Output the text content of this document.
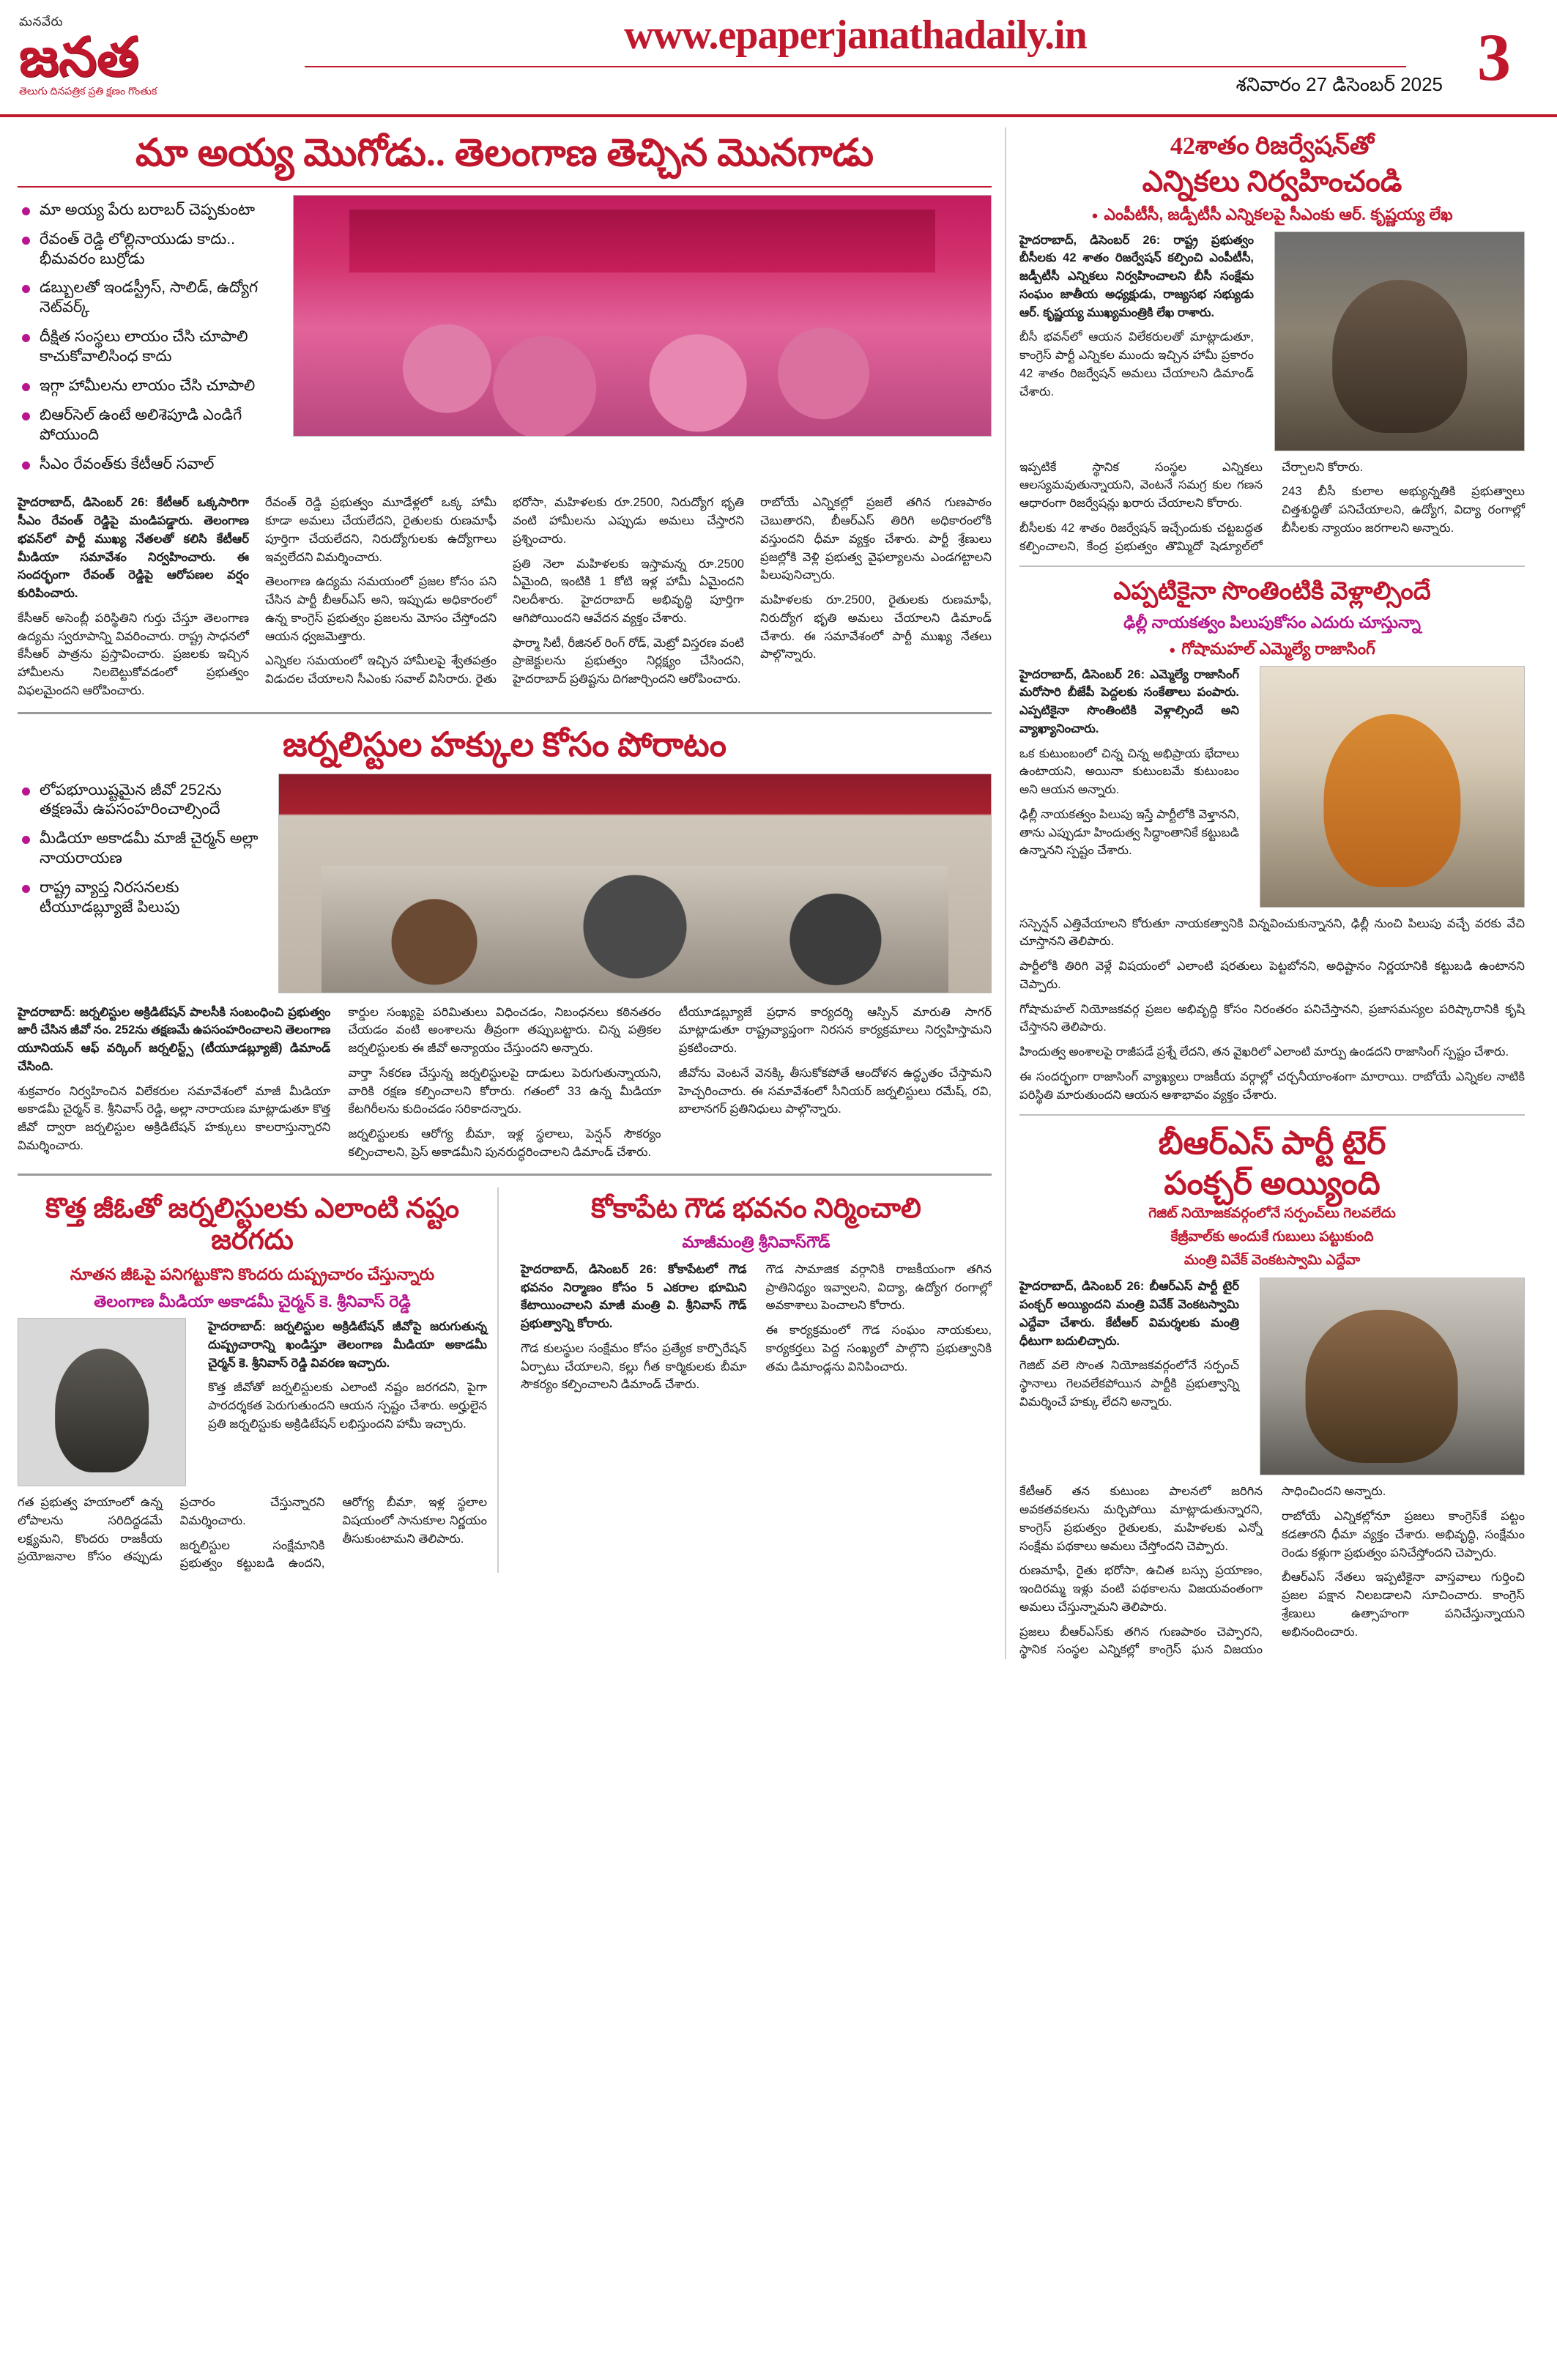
మనవేరు
జనత
తెలుగు దినపత్రిక ప్రతి క్షణం గొంతుక
www.epaperjanathadaily.in
శనివారం 27 డిసెంబర్ 2025 3
మా అయ్య మొగోడు.. తెలంగాణ తెచ్చిన మొనగాడు
మా అయ్య పేరు బరాబర్ చెప్పకుంటా
రేవంత్ రెడ్డి లోల్లినాయుడు కాదు.. భీమవరం బుర్రోడు
డబ్బులతో ఇండస్ట్రీస్, సాలిడ్, ఉద్యోగ నెట్‌వర్క్
దీక్షిత సంస్థలు లాయం చేసి చూపాలి కాచుకోవాలిసింధ కాదు
ఇగ్గా హామీలను లాయం చేసి చూపాలి
బిఆర్‌సెల్ ఉంటే అలిశెపూడి ఎండిగే పోయుంది
సీఎం రేవంత్‌కు కేటీఆర్ సవాల్

హైదరాబాద్, డిసెంబర్ 26: కేటీఆర్ ఒక్కసారిగా సీఎం రేవంత్ రెడ్డిపై మండిపడ్డారు. తెలంగాణ భవన్‌లో పార్టీ ముఖ్య నేతలతో కలిసి కేటీఆర్ మీడియా సమావేశం నిర్వహించారు. ఈ సందర్భంగా రేవంత్ రెడ్డిపై ఆరోపణల వర్షం కురిపించారు.

కేసీఆర్ అసెంబ్లీ పరిస్థితిని గుర్తు చేస్తూ తెలంగాణ ఉద్యమ స్వరూపాన్ని వివరించారు. రాష్ట్ర సాధనలో కేసీఆర్ పాత్రను ప్రస్తావించారు. ప్రజలకు ఇచ్చిన హామీలను నిలబెట్టుకోవడంలో ప్రభుత్వం విఫలమైందని ఆరోపించారు.

రేవంత్ రెడ్డి ప్రభుత్వం మూడేళ్లలో ఒక్క హామీ కూడా అమలు చేయలేదని, రైతులకు రుణమాఫీ పూర్తిగా చేయలేదని, నిరుద్యోగులకు ఉద్యోగాలు ఇవ్వలేదని విమర్శించారు.

తెలంగాణ ఉద్యమ సమయంలో ప్రజల కోసం పని చేసిన పార్టీ బీఆర్ఎస్ అని, ఇప్పుడు అధికారంలో ఉన్న కాంగ్రెస్ ప్రభుత్వం ప్రజలను మోసం చేస్తోందని ఆయన ధ్వజమెత్తారు.

ఎన్నికల సమయంలో ఇచ్చిన హామీలపై శ్వేతపత్రం విడుదల చేయాలని సీఎంకు సవాల్ విసిరారు. రైతు భరోసా, మహిళలకు రూ.2500, నిరుద్యోగ భృతి వంటి హామీలను ఎప్పుడు అమలు చేస్తారని ప్రశ్నించారు.

ప్రతి నెలా మహిళలకు ఇస్తామన్న రూ.2500 ఏమైంది, ఇంటికి 1 కోటి ఇళ్ల హామీ ఏమైందని నిలదీశారు. హైదరాబాద్ అభివృద్ధి పూర్తిగా ఆగిపోయిందని ఆవేదన వ్యక్తం చేశారు.

ఫార్మా సిటీ, రీజినల్ రింగ్ రోడ్, మెట్రో విస్తరణ వంటి ప్రాజెక్టులను ప్రభుత్వం నిర్లక్ష్యం చేసిందని, హైదరాబాద్ ప్రతిష్టను దిగజార్చిందని ఆరోపించారు.

రాబోయే ఎన్నికల్లో ప్రజలే తగిన గుణపాఠం చెబుతారని, బీఆర్ఎస్ తిరిగి అధికారంలోకి వస్తుందని ధీమా వ్యక్తం చేశారు. పార్టీ శ్రేణులు ప్రజల్లోకి వెళ్లి ప్రభుత్వ వైఫల్యాలను ఎండగట్టాలని పిలుపునిచ్చారు.

మహిళలకు రూ.2500, రైతులకు రుణమాఫీ, నిరుద్యోగ భృతి అమలు చేయాలని డిమాండ్ చేశారు. ఈ సమావేశంలో పార్టీ ముఖ్య నేతలు పాల్గొన్నారు.

జర్నలిస్టుల హక్కుల కోసం పోరాటం
లోపభూయిష్టమైన జీవో 252ను తక్షణమే ఉపసంహరించాల్సిందే
మీడియా అకాడమీ మాజీ చైర్మన్ అల్లా నాయరాయణ
రాష్ట్ర వ్యాప్త నిరసనలకు టీయూడబ్ల్యూజే పిలుపు

హైదరాబాద్: జర్నలిస్టుల అక్రిడిటేషన్ పాలసీకి సంబంధించి ప్రభుత్వం జారీ చేసిన జీవో నం. 252ను తక్షణమే ఉపసంహరించాలని తెలంగాణ యూనియన్ ఆఫ్ వర్కింగ్ జర్నలిస్ట్స్ (టీయూడబ్ల్యూజే) డిమాండ్ చేసింది.

శుక్రవారం నిర్వహించిన విలేకరుల సమావేశంలో మాజీ మీడియా అకాడమీ చైర్మన్ కె. శ్రీనివాస్ రెడ్డి, అల్లా నారాయణ మాట్లాడుతూ కొత్త జీవో ద్వారా జర్నలిస్టుల అక్రిడిటేషన్ హక్కులు కాలరాస్తున్నారని విమర్శించారు.

కార్డుల సంఖ్యపై పరిమితులు విధించడం, నిబంధనలు కఠినతరం చేయడం వంటి అంశాలను తీవ్రంగా తప్పుబట్టారు. చిన్న పత్రికల జర్నలిస్టులకు ఈ జీవో అన్యాయం చేస్తుందని అన్నారు.

వార్తా సేకరణ చేస్తున్న జర్నలిస్టులపై దాడులు పెరుగుతున్నాయని, వారికి రక్షణ కల్పించాలని కోరారు. గతంలో 33 ఉన్న మీడియా కేటగిరీలను కుదించడం సరికాదన్నారు.

జర్నలిస్టులకు ఆరోగ్య బీమా, ఇళ్ల స్థలాలు, పెన్షన్ సౌకర్యం కల్పించాలని, ప్రెస్ అకాడమీని పునరుద్ధరించాలని డిమాండ్ చేశారు.

టీయూడబ్ల్యూజే ప్రధాన కార్యదర్శి ఆస్పిన్ మారుతి సాగర్ మాట్లాడుతూ రాష్ట్రవ్యాప్తంగా నిరసన కార్యక్రమాలు నిర్వహిస్తామని ప్రకటించారు.

జీవోను వెంటనే వెనక్కి తీసుకోకపోతే ఆందోళన ఉద్ధృతం చేస్తామని హెచ్చరించారు. ఈ సమావేశంలో సీనియర్ జర్నలిస్టులు రమేష్, రవి, బాలానగర్ ప్రతినిధులు పాల్గొన్నారు.

కొత్త జీఓతో జర్నలిస్టులకు ఎలాంటి నష్టం జరగదు
నూతన జీఓపై పనిగట్టుకొని కొందరు దుష్ప్రచారం చేస్తున్నారు
తెలంగాణ మీడియా అకాడమీ చైర్మన్ కె. శ్రీనివాస్ రెడ్డి

హైదరాబాద్: జర్నలిస్టుల అక్రిడిటేషన్ జీవోపై జరుగుతున్న దుష్ప్రచారాన్ని ఖండిస్తూ తెలంగాణ మీడియా అకాడమీ చైర్మన్ కె. శ్రీనివాస్ రెడ్డి వివరణ ఇచ్చారు.

కొత్త జీవోతో జర్నలిస్టులకు ఎలాంటి నష్టం జరగదని, పైగా పారదర్శకత పెరుగుతుందని ఆయన స్పష్టం చేశారు. అర్హులైన ప్రతి జర్నలిస్టుకు అక్రిడిటేషన్ లభిస్తుందని హామీ ఇచ్చారు.

గత ప్రభుత్వ హయాంలో ఉన్న లోపాలను సరిదిద్దడమే లక్ష్యమని, కొందరు రాజకీయ ప్రయోజనాల కోసం తప్పుడు ప్రచారం చేస్తున్నారని విమర్శించారు.

జర్నలిస్టుల సంక్షేమానికి ప్రభుత్వం కట్టుబడి ఉందని, ఆరోగ్య బీమా, ఇళ్ల స్థలాల విషయంలో సానుకూల నిర్ణయం తీసుకుంటామని తెలిపారు.

కోకాపేట గౌడ భవనం నిర్మించాలి
మాజీమంత్రి శ్రీనివాస్‌గౌడ్

హైదరాబాద్, డిసెంబర్ 26: కోకాపేటలో గౌడ భవనం నిర్మాణం కోసం 5 ఎకరాల భూమిని కేటాయించాలని మాజీ మంత్రి వి. శ్రీనివాస్ గౌడ్ ప్రభుత్వాన్ని కోరారు.

గౌడ కులస్థుల సంక్షేమం కోసం ప్రత్యేక కార్పొరేషన్ ఏర్పాటు చేయాలని, కల్లు గీత కార్మికులకు బీమా సౌకర్యం కల్పించాలని డిమాండ్ చేశారు.

గౌడ సామాజిక వర్గానికి రాజకీయంగా తగిన ప్రాతినిధ్యం ఇవ్వాలని, విద్యా, ఉద్యోగ రంగాల్లో అవకాశాలు పెంచాలని కోరారు.

ఈ కార్యక్రమంలో గౌడ సంఘం నాయకులు, కార్యకర్తలు పెద్ద సంఖ్యలో పాల్గొని ప్రభుత్వానికి తమ డిమాండ్లను వినిపించారు.

42శాతం రిజర్వేషన్‌తో
ఎన్నికలు నిర్వహించండి
● ఎంపీటీసీ, జడ్పీటీసీ ఎన్నికలపై సీఎంకు ఆర్. కృష్ణయ్య లేఖ

హైదరాబాద్, డిసెంబర్ 26: రాష్ట్ర ప్రభుత్వం బీసీలకు 42 శాతం రిజర్వేషన్ కల్పించి ఎంపీటీసీ, జడ్పీటీసీ ఎన్నికలు నిర్వహించాలని బీసీ సంక్షేమ సంఘం జాతీయ అధ్యక్షుడు, రాజ్యసభ సభ్యుడు ఆర్. కృష్ణయ్య ముఖ్యమంత్రికి లేఖ రాశారు.

బీసీ భవన్‌లో ఆయన విలేకరులతో మాట్లాడుతూ, కాంగ్రెస్ పార్టీ ఎన్నికల ముందు ఇచ్చిన హామీ ప్రకారం 42 శాతం రిజర్వేషన్ అమలు చేయాలని డిమాండ్ చేశారు.

ఇప్పటికే స్థానిక సంస్థల ఎన్నికలు ఆలస్యమవుతున్నాయని, వెంటనే సమగ్ర కుల గణన ఆధారంగా రిజర్వేషన్లు ఖరారు చేయాలని కోరారు.

బీసీలకు 42 శాతం రిజర్వేషన్ ఇచ్చేందుకు చట్టబద్ధత కల్పించాలని, కేంద్ర ప్రభుత్వం తొమ్మిదో షెడ్యూల్‌లో చేర్చాలని కోరారు.

243 బీసీ కులాల అభ్యున్నతికి ప్రభుత్వాలు చిత్తశుద్ధితో పనిచేయాలని, ఉద్యోగ, విద్యా రంగాల్లో బీసీలకు న్యాయం జరగాలని అన్నారు.

ఎప్పటికైనా సొంతింటికి వెళ్లాల్సిందే
ఢిల్లీ నాయకత్వం పిలుపుకోసం ఎదురు చూస్తున్నా
● గోషామహల్ ఎమ్మెల్యే రాజాసింగ్

హైదరాబాద్, డిసెంబర్ 26: ఎమ్మెల్యే రాజాసింగ్ మరోసారి బీజేపీ పెద్దలకు సంకేతాలు పంపారు. ఎప్పటికైనా సొంతింటికి వెళ్లాల్సిందే అని వ్యాఖ్యానించారు.

ఒక కుటుంబంలో చిన్న చిన్న అభిప్రాయ భేదాలు ఉంటాయని, అయినా కుటుంబమే కుటుంబం అని ఆయన అన్నారు.

ఢిల్లీ నాయకత్వం పిలుపు ఇస్తే పార్టీలోకి వెళ్తానని, తాను ఎప్పుడూ హిందుత్వ సిద్ధాంతానికే కట్టుబడి ఉన్నానని స్పష్టం చేశారు.

సస్పెన్షన్ ఎత్తివేయాలని కోరుతూ నాయకత్వానికి విన్నవించుకున్నానని, ఢిల్లీ నుంచి పిలుపు వచ్చే వరకు వేచి చూస్తానని తెలిపారు.

పార్టీలోకి తిరిగి వెళ్లే విషయంలో ఎలాంటి షరతులు పెట్టబోనని, అధిష్టానం నిర్ణయానికి కట్టుబడి ఉంటానని చెప్పారు.

గోషామహల్ నియోజకవర్గ ప్రజల అభివృద్ధి కోసం నిరంతరం పనిచేస్తానని, ప్రజాసమస్యల పరిష్కారానికి కృషి చేస్తానని తెలిపారు.

హిందుత్వ అంశాలపై రాజీపడే ప్రశ్నే లేదని, తన వైఖరిలో ఎలాంటి మార్పు ఉండదని రాజాసింగ్ స్పష్టం చేశారు.

ఈ సందర్భంగా రాజాసింగ్ వ్యాఖ్యలు రాజకీయ వర్గాల్లో చర్చనీయాంశంగా మారాయి. రాబోయే ఎన్నికల నాటికి పరిస్థితి మారుతుందని ఆయన ఆశాభావం వ్యక్తం చేశారు.

బీఆర్‌ఎస్ పార్టీ టైర్
పంక్చర్ అయ్యింది
గెజిట్ నియోజకవర్గంలోనే సర్పంచ్‌లు గెలవలేదు
కేజ్రీవాల్‌కు అందుకే గుబులు పట్టుకుంది
మంత్రి వివేక్ వెంకటస్వామి ఎద్దేవా

హైదరాబాద్, డిసెంబర్ 26: బీఆర్ఎస్ పార్టీ టైర్ పంక్చర్ అయ్యిందని మంత్రి వివేక్ వెంకటస్వామి ఎద్దేవా చేశారు. కేటీఆర్ విమర్శలకు మంత్రి ధీటుగా బదులిచ్చారు.

గెజిట్ వలె సొంత నియోజకవర్గంలోనే సర్పంచ్ స్థానాలు గెలవలేకపోయిన పార్టీకి ప్రభుత్వాన్ని విమర్శించే హక్కు లేదని అన్నారు.

కేటీఆర్ తన కుటుంబ పాలనలో జరిగిన అవకతవకలను మర్చిపోయి మాట్లాడుతున్నారని, కాంగ్రెస్ ప్రభుత్వం రైతులకు, మహిళలకు ఎన్నో సంక్షేమ పథకాలు అమలు చేస్తోందని చెప్పారు.

రుణమాఫీ, రైతు భరోసా, ఉచిత బస్సు ప్రయాణం, ఇందిరమ్మ ఇళ్లు వంటి పథకాలను విజయవంతంగా అమలు చేస్తున్నామని తెలిపారు.

ప్రజలు బీఆర్ఎస్‌కు తగిన గుణపాఠం చెప్పారని, స్థానిక సంస్థల ఎన్నికల్లో కాంగ్రెస్ ఘన విజయం సాధించిందని అన్నారు.

రాబోయే ఎన్నికల్లోనూ ప్రజలు కాంగ్రెస్‌కే పట్టం కడతారని ధీమా వ్యక్తం చేశారు. అభివృద్ధి, సంక్షేమం రెండు కళ్లుగా ప్రభుత్వం పనిచేస్తోందని చెప్పారు.

బీఆర్ఎస్ నేతలు ఇప్పటికైనా వాస్తవాలు గుర్తించి ప్రజల పక్షాన నిలబడాలని సూచించారు. కాంగ్రెస్ శ్రేణులు ఉత్సాహంగా పనిచేస్తున్నాయని అభినందించారు.
